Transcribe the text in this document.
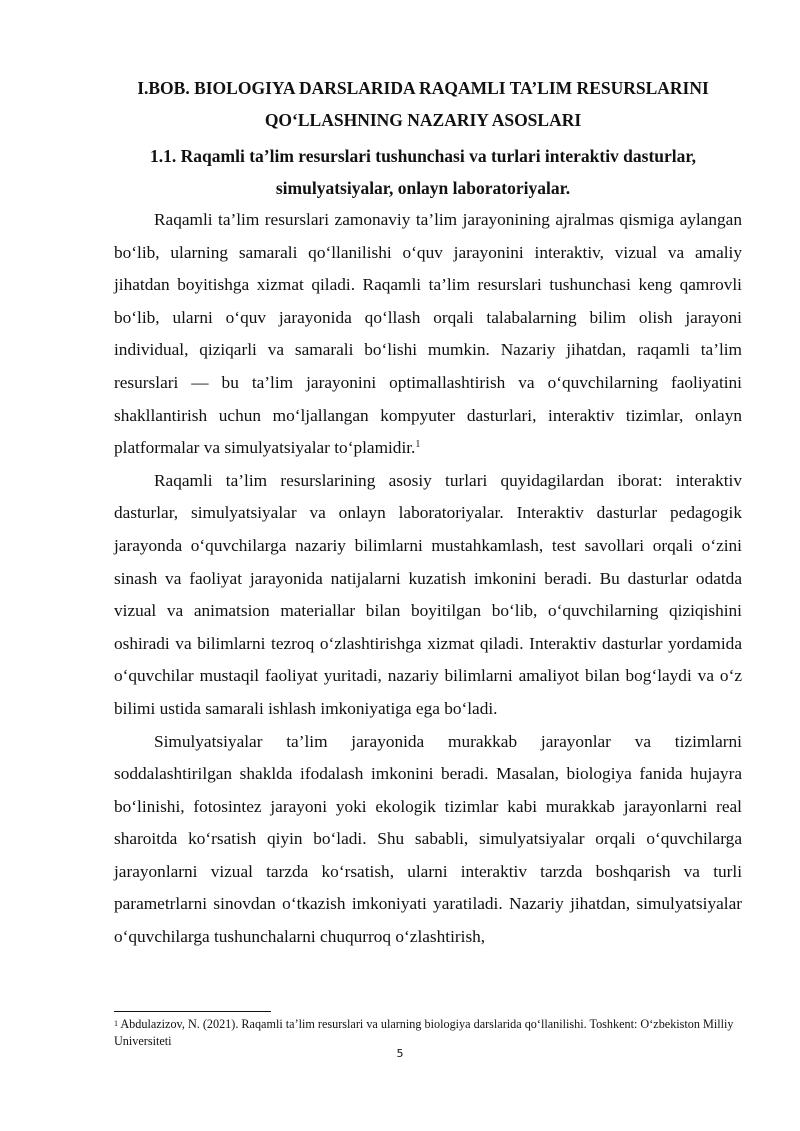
I.BOB. BIOLOGIYA DARSLARIDA RAQAMLI TA’LIM RESURSLARINI
QO‘LLASHNING NAZARIY ASOSLARI
1.1. Raqamli ta’lim resurslari tushunchasi va turlari interaktiv dasturlar,
simulyatsiyalar, onlayn laboratoriyalar.

Raqamli ta’lim resurslari zamonaviy ta’lim jarayonining ajralmas qismiga aylangan bo‘lib, ularning samarali qo‘llanilishi o‘quv jarayonini interaktiv, vizual va amaliy jihatdan boyitishga xizmat qiladi. Raqamli ta’lim resurslari tushunchasi keng qamrovli bo‘lib, ularni o‘quv jarayonida qo‘llash orqali talabalarning bilim olish jarayoni individual, qiziqarli va samarali bo‘lishi mumkin. Nazariy jihatdan, raqamli ta’lim resurslari — bu ta’lim jarayonini optimallashtirish va o‘quvchilarning faoliyatini shakllantirish uchun mo‘ljallangan kompyuter dasturlari, interaktiv tizimlar, onlayn platformalar va simulyatsiyalar to‘plamidir.$^1$

Raqamli ta’lim resurslarining asosiy turlari quyidagilardan iborat: interaktiv dasturlar, simulyatsiyalar va onlayn laboratoriyalar. Interaktiv dasturlar pedagogik jarayonda o‘quvchilarga nazariy bilimlarni mustahkamlash, test savollari orqali o‘zini sinash va faoliyat jarayonida natijalarni kuzatish imkonini beradi. Bu dasturlar odatda vizual va animatsion materiallar bilan boyitilgan bo‘lib, o‘quvchilarning qiziqishini oshiradi va bilimlarni tezroq o‘zlashtirishga xizmat qiladi. Interaktiv dasturlar yordamida o‘quvchilar mustaqil faoliyat yuritadi, nazariy bilimlarni amaliyot bilan bog‘laydi va o‘z bilimi ustida samarali ishlash imkoniyatiga ega bo‘ladi.

Simulyatsiyalar ta’lim jarayonida murakkab jarayonlar va tizimlarni soddalashtirilgan shaklda ifodalash imkonini beradi. Masalan, biologiya fanida hujayra bo‘linishi, fotosintez jarayoni yoki ekologik tizimlar kabi murakkab jarayonlarni real sharoitda ko‘rsatish qiyin bo‘ladi. Shu sababli, simulyatsiyalar orqali o‘quvchilarga jarayonlarni vizual tarzda ko‘rsatish, ularni interaktiv tarzda boshqarish va turli parametrlarni sinovdan o‘tkazish imkoniyati yaratiladi. Nazariy jihatdan, simulyatsiyalar o‘quvchilarga tushunchalarni chuqurroq o‘zlashtirish,

$^1$ Abdulazizov, N. (2021). Raqamli ta’lim resurslari va ularning biologiya darslarida qo‘llanilishi. Toshkent: O‘zbekiston Milliy Universiteti

5
